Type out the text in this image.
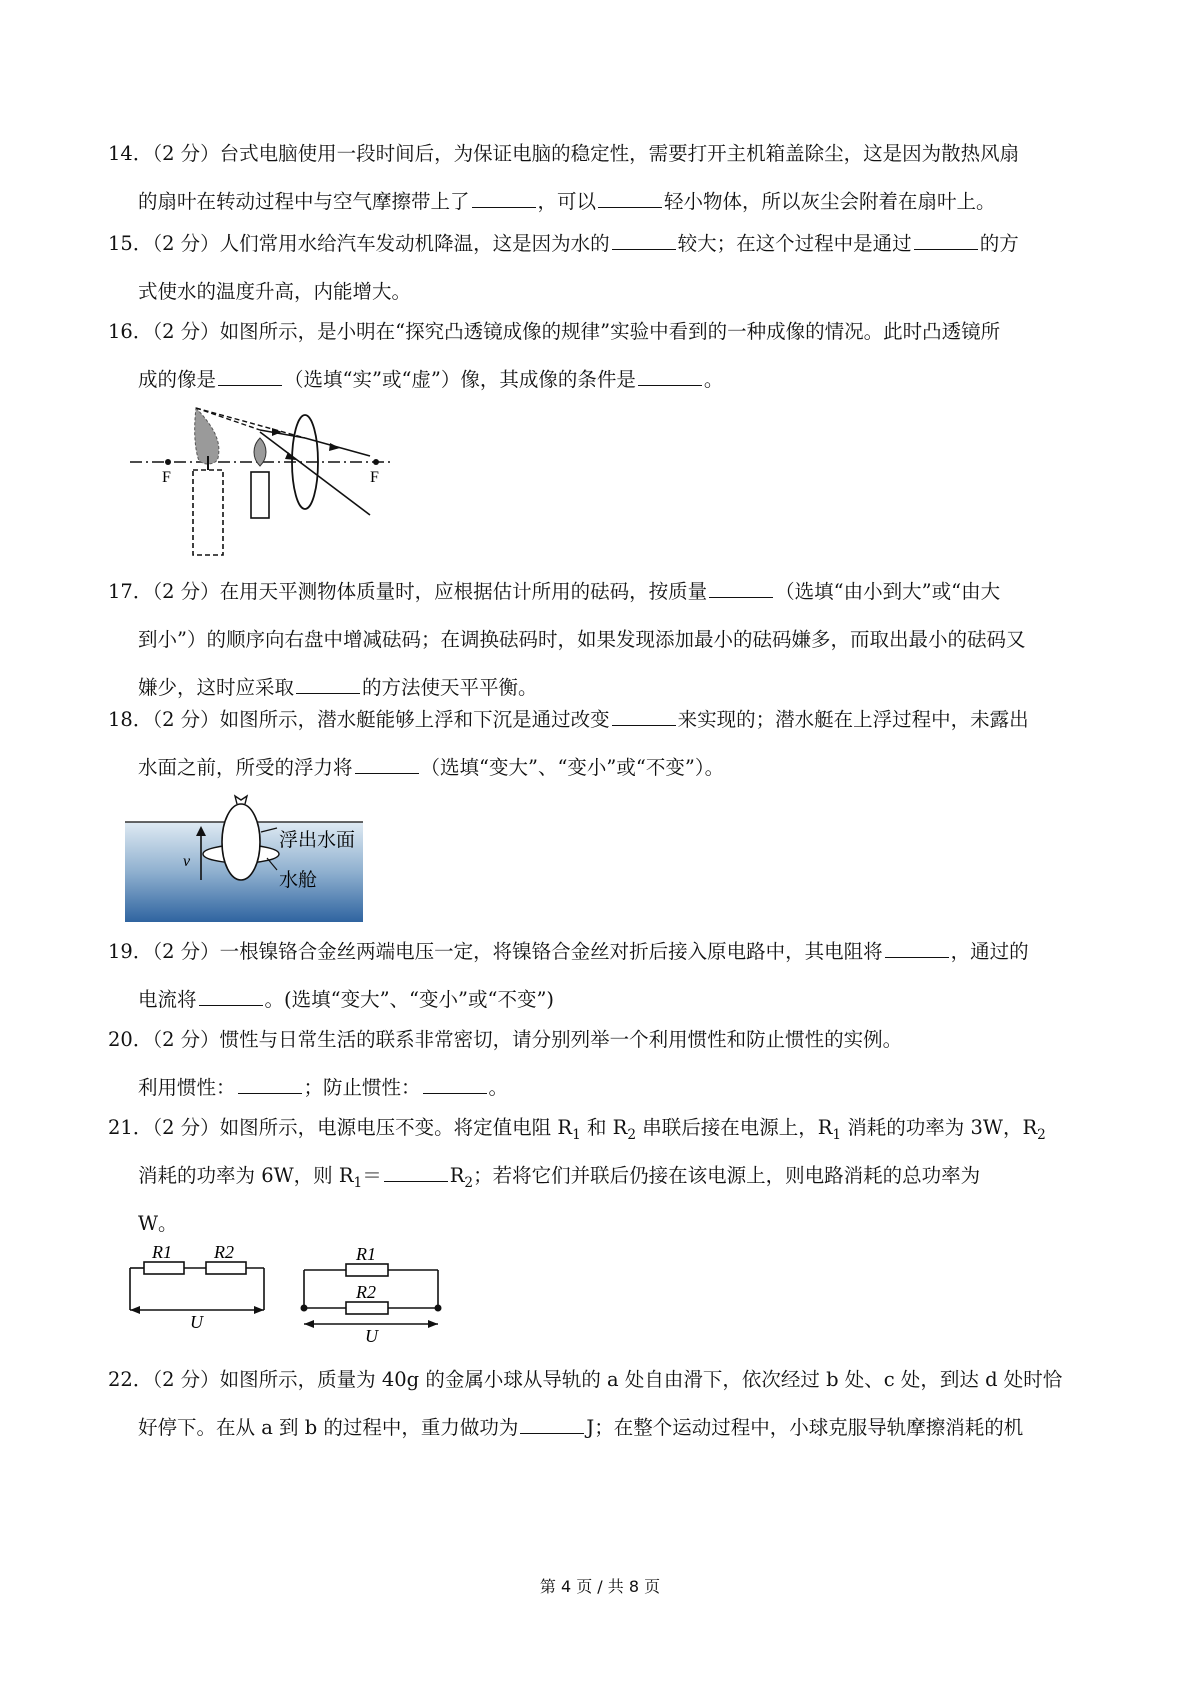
14．（2 分）台式电脑使用一段时间后，为保证电脑的稳定性，需要打开主机箱盖除尘，这是因为散热风扇
的扇叶在转动过程中与空气摩擦带上了	，可以	轻小物体，所以灰尘会附着在扇叶上。
15．（2 分）人们常用水给汽车发动机降温，这是因为水的	较大；在这个过程中是通过	的方
式使水的温度升高，内能增大。
16．（2 分）如图所示，是小明在“探究凸透镜成像的规律”实验中看到的一种成像的情况。此时凸透镜所
成的像是	（选填“实”或“虚”）像，其成像的条件是	。
F	F
17．（2 分）在用天平测物体质量时，应根据估计所用的砝码，按质量	（选填“由小到大”或“由大
到小”）的顺序向右盘中增减砝码；在调换砝码时，如果发现添加最小的砝码嫌多，而取出最小的砝码又
嫌少，这时应采取	的方法使天平平衡。
18．（2 分）如图所示，潜水艇能够上浮和下沉是通过改变	来实现的；潜水艇在上浮过程中，未露出
水面之前，所受的浮力将	（选填“变大”、“变小”或“不变”）。
v
浮出水面
水舱
19．（2 分）一根镍铬合金丝两端电压一定，将镍铬合金丝对折后接入原电路中，其电阻将	，通过的
电流将	。(选填“变大”、“变小”或“不变”)
20．（2 分）惯性与日常生活的联系非常密切，请分别列举一个利用惯性和防止惯性的实例。
利用惯性：	；防止惯性：	。
21．（2 分）如图所示，电源电压不变。将定值电阻 $R_1$ 和 $R_2$ 串联后接在电源上，$R_1$ 消耗的功率为 3W，$R_2$
消耗的功率为 6W，则 $R_1=$	$R_2$；若将它们并联后仍接在该电源上，则电路消耗的总功率为
W。
R1 R2
U
R1
R2
U
22．（2 分）如图所示，质量为 40g 的金属小球从导轨的 a 处自由滑下，依次经过 b 处、c 处，到达 d 处时恰
好停下。在从 a 到 b 的过程中，重力做功为	J；在整个运动过程中，小球克服导轨摩擦消耗的机
第 4 页 / 共 8 页
